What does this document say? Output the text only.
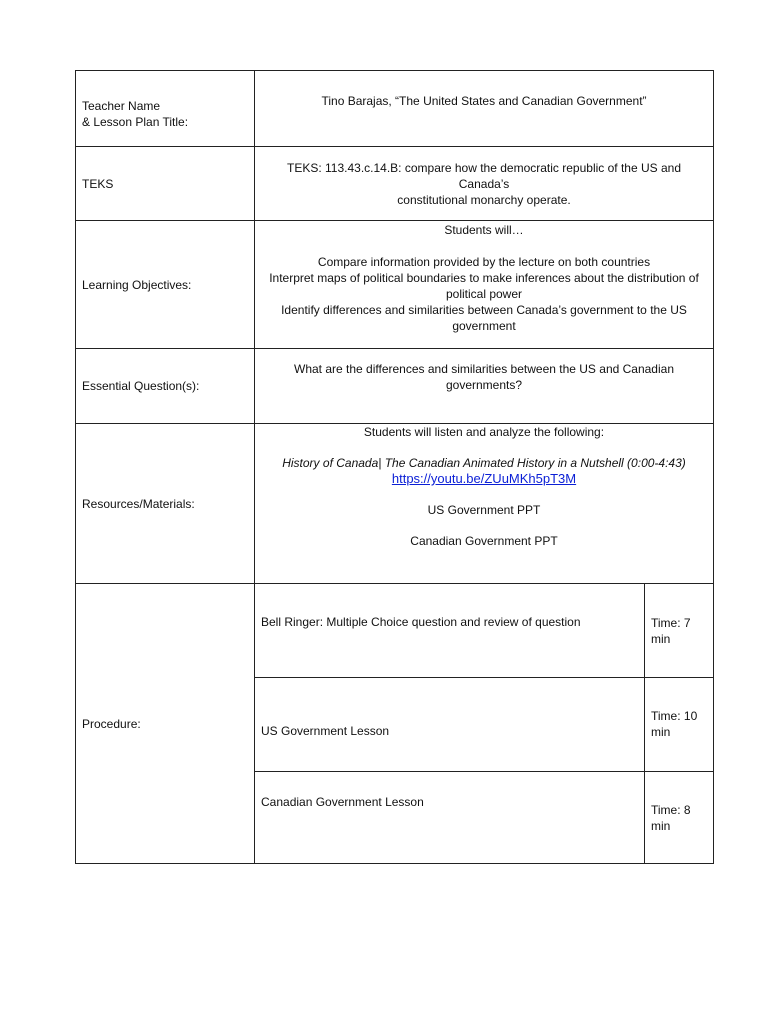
Teacher Name
& Lesson Plan Title:
Tino Barajas, “The United States and Canadian Government”
TEKS
TEKS: 113.43.c.14.B: compare how the democratic republic of the US and Canada’s
constitutional monarchy operate.
Learning Objectives:
Students will…
Compare information provided by the lecture on both countries
Interpret maps of political boundaries to make inferences about the distribution of
political power
Identify differences and similarities between Canada’s government to the US
government
Essential Question(s):
What are the differences and similarities between the US and Canadian
governments?
Resources/Materials:
Students will listen and analyze the following:
History of Canada| The Canadian Animated History in a Nutshell (0:00-4:43)
https://youtu.be/ZUuMKh5pT3M
US Government PPT
Canadian Government PPT
Procedure:
Bell Ringer: Multiple Choice question and review of question	Time: 7
min
US Government Lesson
Time: 10
min
Canadian Government Lesson
Time: 8
min
